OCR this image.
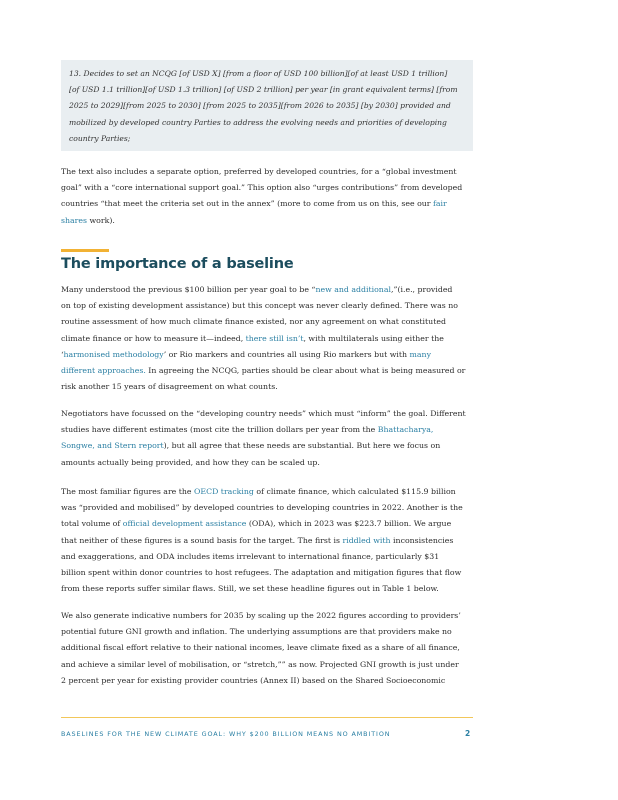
13. Decides to set an NCQG [of USD X] [from a floor of USD 100 billion][of at least USD 1 trillion]
[of USD 1.1 trillion][of USD 1.3 trillion] [of USD 2 trillion] per year [in grant equivalent terms] [from
2025 to 2029][from 2025 to 2030] [from 2025 to 2035][from 2026 to 2035] [by 2030] provided and
mobilized by developed country Parties to address the evolving needs and priorities of developing
country Parties;
The text also includes a separate option, preferred by developed countries, for a “global investment
goal” with a “core international support goal.” This option also “urges contributions” from developed
countries “that meet the criteria set out in the annex” (more to come from us on this, see our fair
shares work).
The importance of a baseline
Many understood the previous $100 billion per year goal to be “new and additional,”(i.e., provided
on top of existing development assistance) but this concept was never clearly defined. There was no
routine assessment of how much climate finance existed, nor any agreement on what constituted
climate finance or how to measure it—indeed, there still isn’t, with multilaterals using either the
‘harmonised methodology’ or Rio markers and countries all using Rio markers but with many
different approaches. In agreeing the NCQG, parties should be clear about what is being measured or
risk another 15 years of disagreement on what counts.
Negotiators have focussed on the “developing country needs” which must “inform” the goal. Different
studies have different estimates (most cite the trillion dollars per year from the Bhattacharya,
Songwe, and Stern report), but all agree that these needs are substantial. But here we focus on
amounts actually being provided, and how they can be scaled up.
The most familiar figures are the OECD tracking of climate finance, which calculated $115.9 billion
was “provided and mobilised” by developed countries to developing countries in 2022. Another is the
total volume of official development assistance (ODA), which in 2023 was $223.7 billion. We argue
that neither of these figures is a sound basis for the target. The first is riddled with inconsistencies
and exaggerations, and ODA includes items irrelevant to international finance, particularly $31
billion spent within donor countries to host refugees. The adaptation and mitigation figures that flow
from these reports suffer similar flaws. Still, we set these headline figures out in Table 1 below.
We also generate indicative numbers for 2035 by scaling up the 2022 figures according to providers’
potential future GNI growth and inflation. The underlying assumptions are that providers make no
additional fiscal effort relative to their national incomes, leave climate fixed as a share of all finance,
and achieve a similar level of mobilisation, or “stretch,”” as now. Projected GNI growth is just under
2 percent per year for existing provider countries (Annex II) based on the Shared Socioeconomic
BASELINES FOR THE NEW CLIMATE GOAL: WHY $200 BILLION MEANS NO AMBITION	2
